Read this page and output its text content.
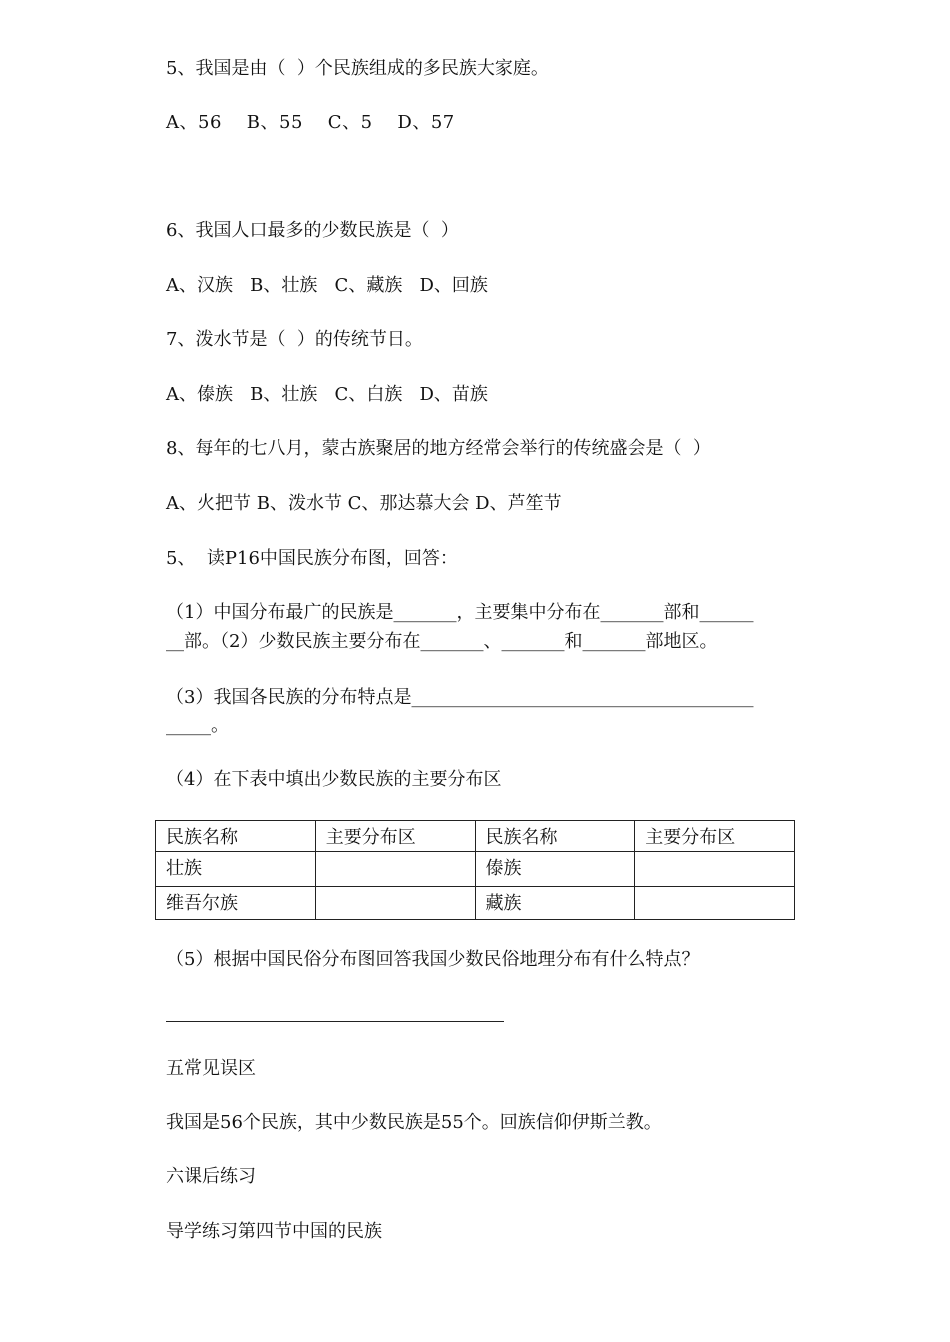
5、我国是由（  ）个民族组成的多民族大家庭。
A、56    B、55    C、5    D、57
6、我国人口最多的少数民族是（  ）
A、汉族   B、壮族   C、藏族   D、回族
7、泼水节是（  ）的传统节日。
A、傣族   B、壮族   C、白族   D、苗族
8、每年的七八月，蒙古族聚居的地方经常会举行的传统盛会是（  ）
A、火把节 B、泼水节 C、那达慕大会 D、芦笙节
5、  读P16中国民族分布图，回答：
（1）中国分布最广的民族是_______，主要集中分布在_______部和______
__部。（2）少数民族主要分布在_______、_______和_______部地区。
（3）我国各民族的分布特点是______________________________________
_____。
（4）在下表中填出少数民族的主要分布区
民族名称	主要分布区	民族名称	主要分布区
壮族		傣族	
维吾尔族		藏族	
（5）根据中国民俗分布图回答我国少数民俗地理分布有什么特点？
五常见误区
我国是56个民族，其中少数民族是55个。回族信仰伊斯兰教。
六课后练习
导学练习第四节中国的民族
